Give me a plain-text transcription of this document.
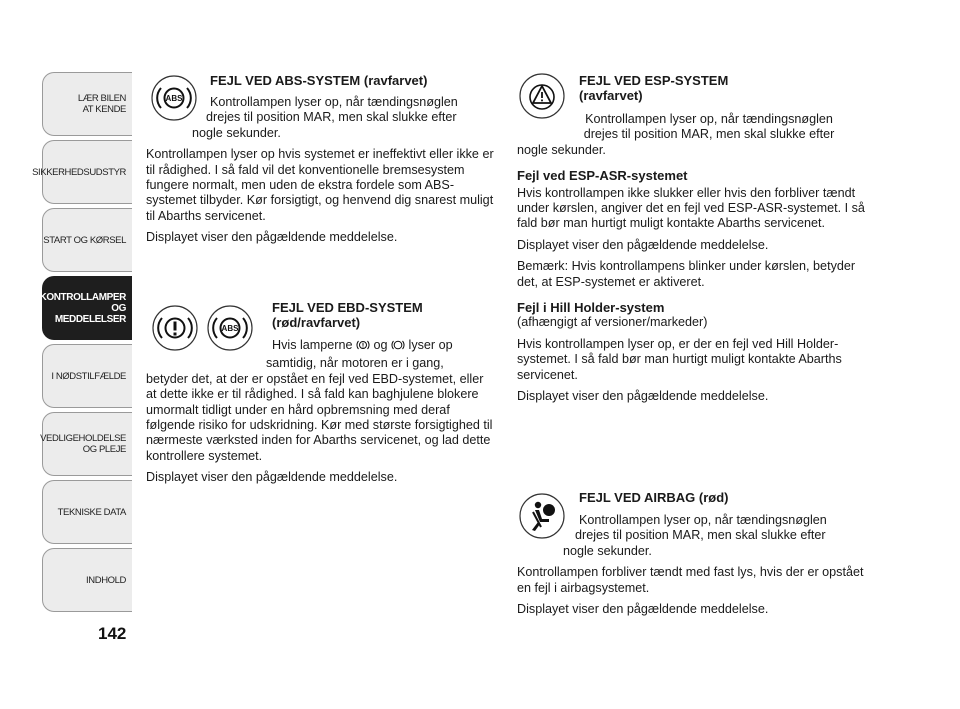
LÆR BILEN
AT KENDE
SIKKERHEDSUDSTYR
START OG KØRSEL
KONTROLLAMPER
OG MEDDELELSER
I NØDSTILFÆLDE
VEDLIGEHOLDELSE
OG PLEJE
TEKNISKE DATA
INDHOLD
142
ABS
FEJL VED ABS-SYSTEM (ravfarvet)
Kontrollampen lyser op, når tændingsnøglen
drejes til position MAR, men skal slukke efter
nogle sekunder.

Kontrollampen lyser op hvis systemet er ineffektivt eller ikke er til rådighed. I så fald vil det konventionelle bremsesystem fungere normalt, men uden de ekstra fordele som ABS-systemet tilbyder. Kør forsigtigt, og henvend dig snarest muligt til Abarths servicenet.

Displayet viser den pågældende meddelelse.

ABS
FEJL VED EBD-SYSTEM
(rød/ravfarvet)
Hvis lamperne og lyser op
samtidig, når motoren er i gang,

betyder det, at der er opstået en fejl ved EBD-systemet, eller at dette ikke er til rådighed. I så fald kan baghjulene blokere umormalt tidligt under en hård opbremsning med deraf følgende risiko for udskridning. Kør med største forsigtighed til nærmeste værksted inden for Abarths servicenet, og lad dette kontrollere systemet.

Displayet viser den pågældende meddelelse.

FEJL VED ESP-SYSTEM
(ravfarvet)
Kontrollampen lyser op, når tændingsnøglen
drejes til position MAR, men skal slukke efter
nogle sekunder.
Fejl ved ESP-ASR-systemet

Hvis kontrollampen ikke slukker eller hvis den forbliver tændt under kørslen, angiver det en fejl ved ESP-ASR-systemet. I så fald bør man hurtigt muligt kontakte Abarths servicenet.

Displayet viser den pågældende meddelelse.

Bemærk: Hvis kontrollampens blinker under kørslen, betyder det, at ESP-systemet er aktiveret.

Fejl i Hill Holder-system

(afhængigt af versioner/markeder)

Hvis kontrollampen lyser op, er der en fejl ved Hill Holder-systemet. I så fald bør man hurtigt muligt kontakte Abarths servicenet.

Displayet viser den pågældende meddelelse.

FEJL VED AIRBAG (rød)
Kontrollampen lyser op, når tændingsnøglen
drejes til position MAR, men skal slukke efter
nogle sekunder.

Kontrollampen forbliver tændt med fast lys, hvis der er opstået en fejl i airbagsystemet.

Displayet viser den pågældende meddelelse.
